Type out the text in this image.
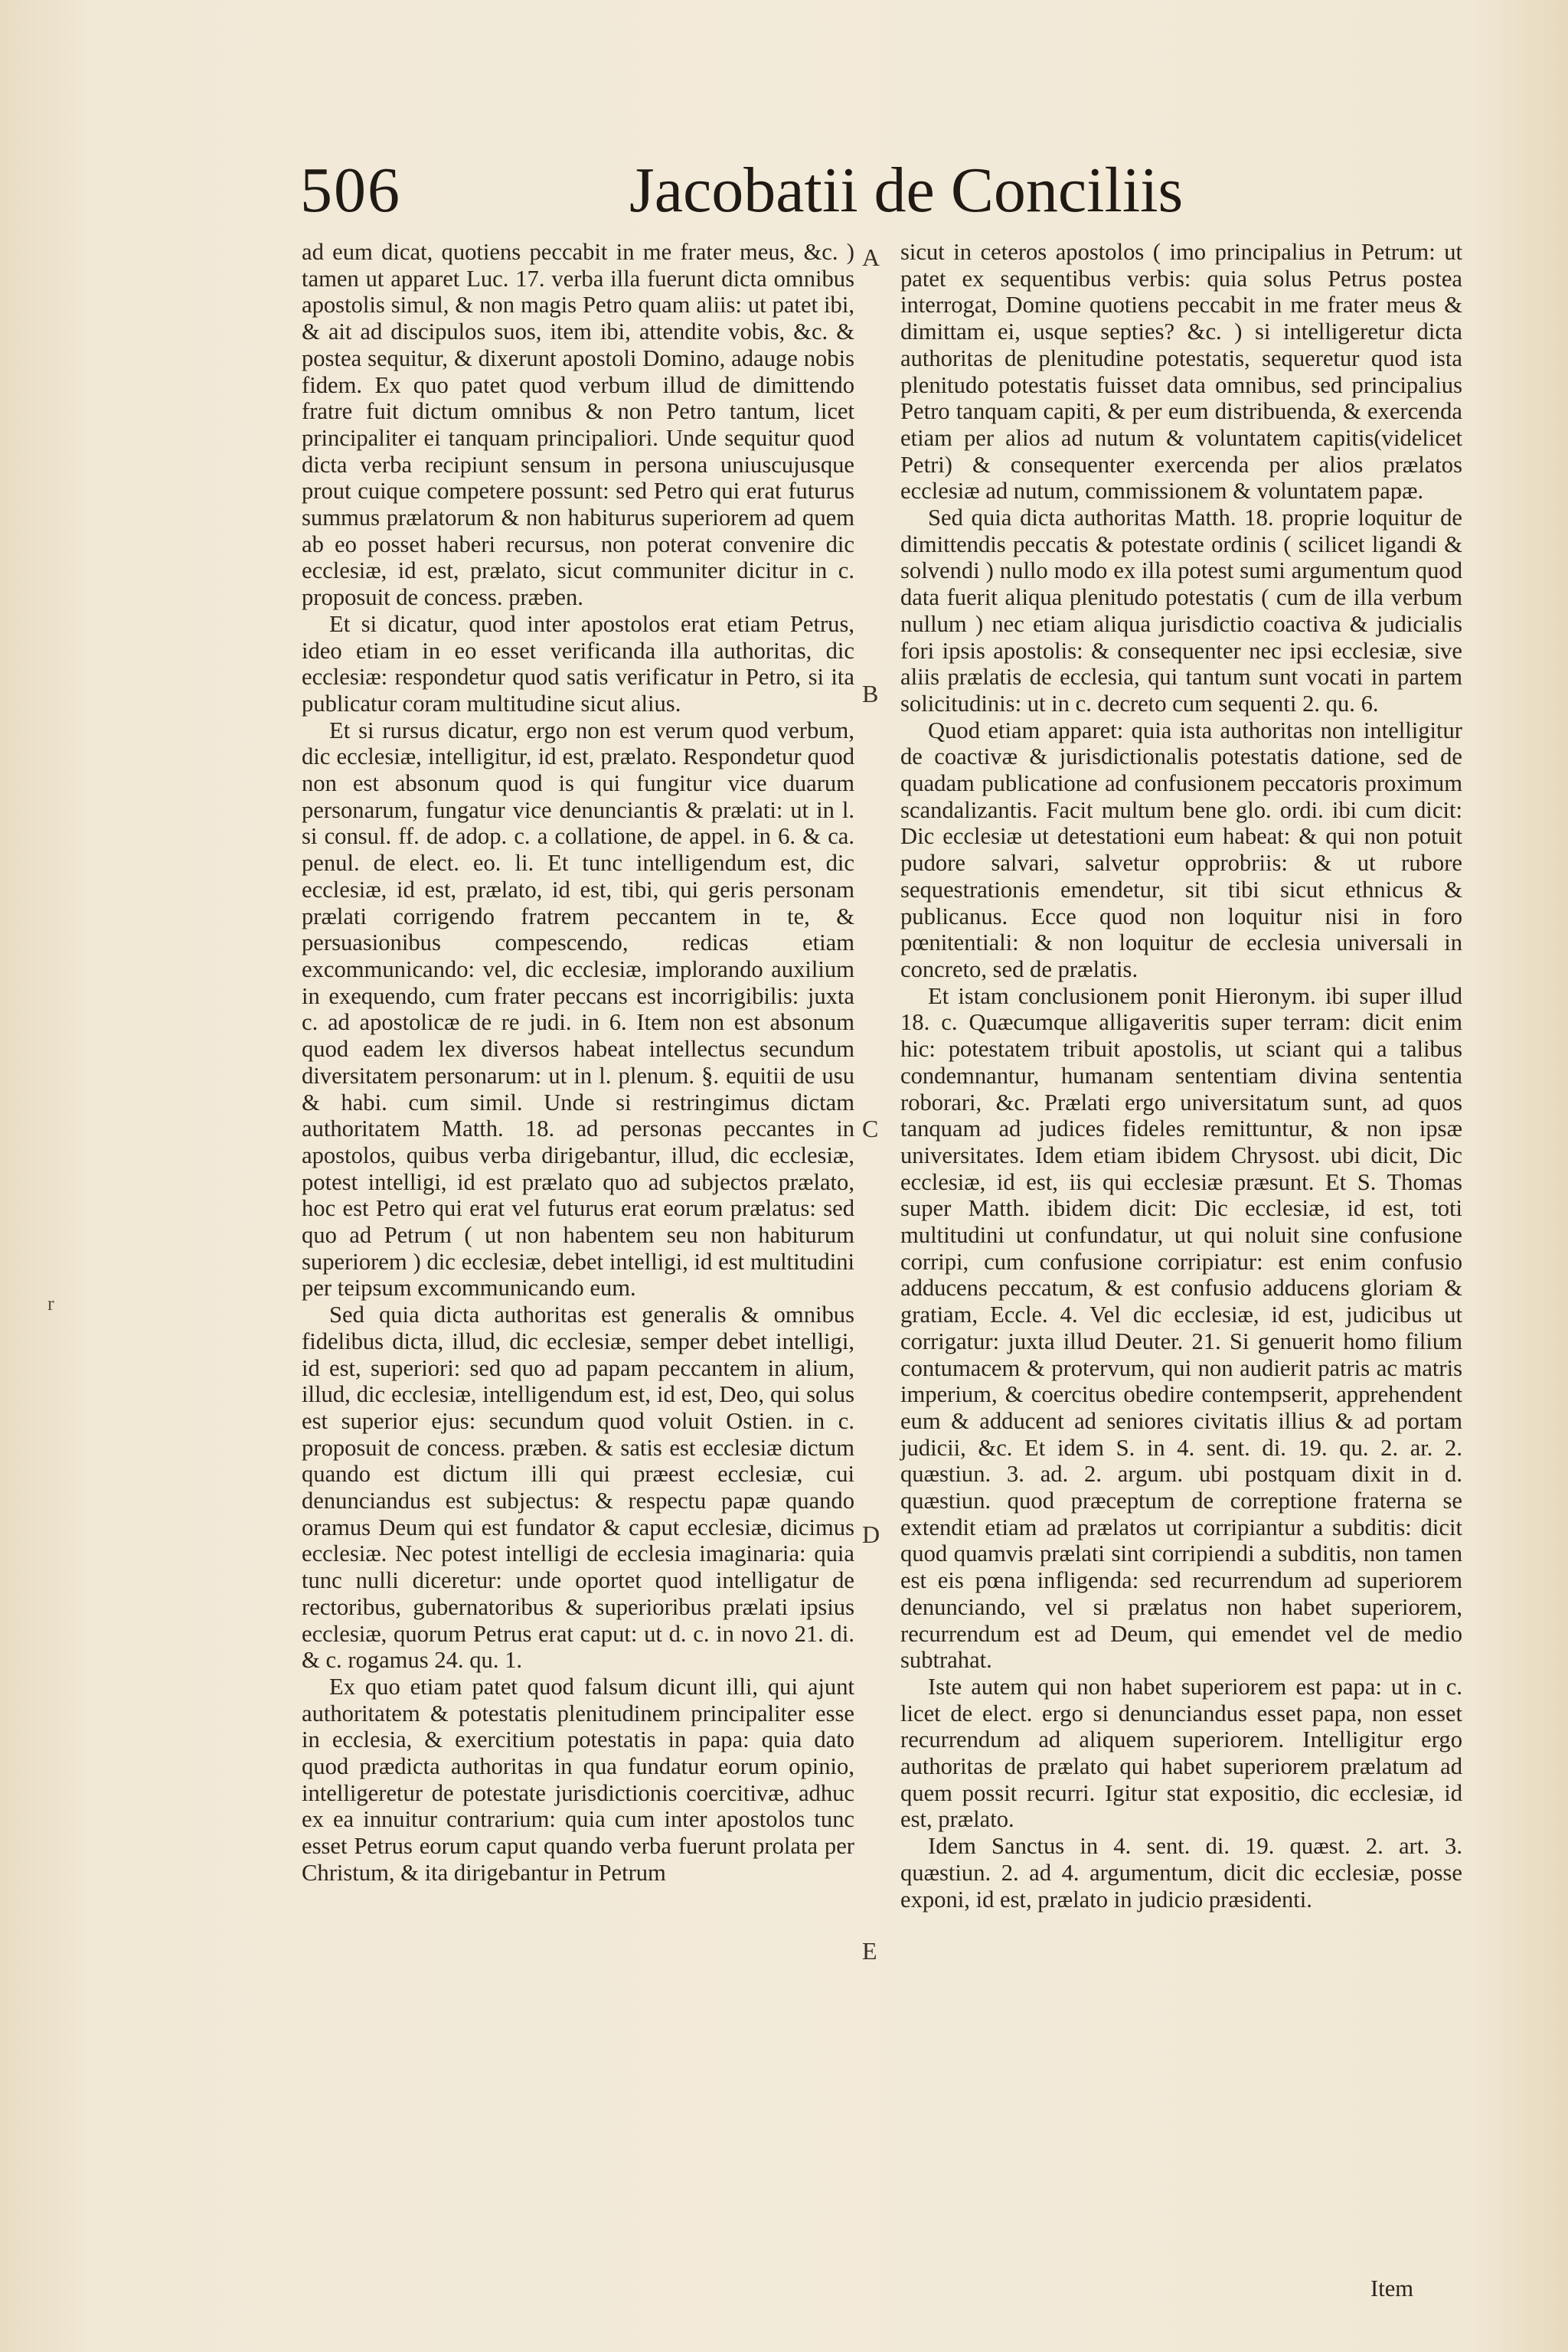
506	Jacobatii de Conciliis

ad eum dicat, quotiens peccabit in me frater meus, &c. ) tamen ut apparet Luc. 17. verba illa fuerunt dicta omnibus apostolis simul, & non magis Petro quam aliis: ut patet ibi, & ait ad discipulos suos, item ibi, attendite vobis, &c. & postea sequitur, & dixerunt apostoli Domino, adauge nobis fidem. Ex quo patet quod verbum illud de dimittendo fratre fuit dictum omnibus & non Petro tantum, licet principaliter ei tanquam principaliori. Unde sequitur quod dicta verba recipiunt sensum in persona uniuscujusque prout cuique competere possunt: sed Petro qui erat futurus summus prælatorum & non habiturus superiorem ad quem ab eo posset haberi recursus, non poterat convenire dic ecclesiæ, id est, prælato, sicut communiter dicitur in c. proposuit de concess. præben.

Et si dicatur, quod inter apostolos erat etiam Petrus, ideo etiam in eo esset verificanda illa authoritas, dic ecclesiæ: respondetur quod satis verificatur in Petro, si ita publicatur coram multitudine sicut alius.

Et si rursus dicatur, ergo non est verum quod verbum, dic ecclesiæ, intelligitur, id est, prælato. Respondetur quod non est absonum quod is qui fungitur vice duarum personarum, fungatur vice denunciantis & prælati: ut in l. si consul. ff. de adop. c. a collatione, de appel. in 6. & ca. penul. de elect. eo. li. Et tunc intelligendum est, dic ecclesiæ, id est, prælato, id est, tibi, qui geris personam prælati corrigendo fratrem peccantem in te, & persuasionibus compescendo, redicas etiam excommunicando: vel, dic ecclesiæ, implorando auxilium in exequendo, cum frater peccans est incorrigibilis: juxta c. ad apostolicæ de re judi. in 6. Item non est absonum quod eadem lex diversos habeat intellectus secundum diversitatem personarum: ut in l. plenum. §. equitii de usu & habi. cum simil. Unde si restringimus dictam authoritatem Matth. 18. ad personas peccantes in apostolos, quibus verba dirigebantur, illud, dic ecclesiæ, potest intelligi, id est prælato quo ad subjectos prælato, hoc est Petro qui erat vel futurus erat eorum prælatus: sed quo ad Petrum ( ut non habentem seu non habiturum superiorem ) dic ecclesiæ, debet intelligi, id est multitudini per teipsum excommunicando eum.

Sed quia dicta authoritas est generalis & omnibus fidelibus dicta, illud, dic ecclesiæ, semper debet intelligi, id est, superiori: sed quo ad papam peccantem in alium, illud, dic ecclesiæ, intelligendum est, id est, Deo, qui solus est superior ejus: secundum quod voluit Ostien. in c. proposuit de concess. præben. & satis est ecclesiæ dictum quando est dictum illi qui præest ecclesiæ, cui denunciandus est subjectus: & respectu papæ quando oramus Deum qui est fundator & caput ecclesiæ, dicimus ecclesiæ. Nec potest intelligi de ecclesia imaginaria: quia tunc nulli diceretur: unde oportet quod intelligatur de rectoribus, gubernatoribus & superioribus prælati ipsius ecclesiæ, quorum Petrus erat caput: ut d. c. in novo 21. di. & c. rogamus 24. qu. 1.

Ex quo etiam patet quod falsum dicunt illi, qui ajunt authoritatem & potestatis plenitudinem principaliter esse in ecclesia, & exercitium potestatis in papa: quia dato quod prædicta authoritas in qua fundatur eorum opinio, intelligeretur de potestate jurisdictionis coercitivæ, adhuc ex ea innuitur contrarium: quia cum inter apostolos tunc esset Petrus eorum caput quando verba fuerunt prolata per Christum, & ita dirigebantur in Petrum

A
B
C
D
E

sicut in ceteros apostolos ( imo principalius in Petrum: ut patet ex sequentibus verbis: quia solus Petrus postea interrogat, Domine quotiens peccabit in me frater meus & dimittam ei, usque septies? &c. ) si intelligeretur dicta authoritas de plenitudine potestatis, sequeretur quod ista plenitudo potestatis fuisset data omnibus, sed principalius Petro tanquam capiti, & per eum distribuenda, & exercenda etiam per alios ad nutum & voluntatem capitis(videlicet Petri) & consequenter exercenda per alios prælatos ecclesiæ ad nutum, commissionem & voluntatem papæ.

Sed quia dicta authoritas Matth. 18. proprie loquitur de dimittendis peccatis & potestate ordinis ( scilicet ligandi & solvendi ) nullo modo ex illa potest sumi argumentum quod data fuerit aliqua plenitudo potestatis ( cum de illa verbum nullum ) nec etiam aliqua jurisdictio coactiva & judicialis fori ipsis apostolis: & consequenter nec ipsi ecclesiæ, sive aliis prælatis de ecclesia, qui tantum sunt vocati in partem solicitudinis: ut in c. decreto cum sequenti 2. qu. 6.

Quod etiam apparet: quia ista authoritas non intelligitur de coactivæ & jurisdictionalis potestatis datione, sed de quadam publicatione ad confusionem peccatoris proximum scandalizantis. Facit multum bene glo. ordi. ibi cum dicit: Dic ecclesiæ ut detestationi eum habeat: & qui non potuit pudore salvari, salvetur opprobriis: & ut rubore sequestrationis emendetur, sit tibi sicut ethnicus & publicanus. Ecce quod non loquitur nisi in foro pœnitentiali: & non loquitur de ecclesia universali in concreto, sed de prælatis.

Et istam conclusionem ponit Hieronym. ibi super illud 18. c. Quæcumque alligaveritis super terram: dicit enim hic: potestatem tribuit apostolis, ut sciant qui a talibus condemnantur, humanam sententiam divina sententia roborari, &c. Prælati ergo universitatum sunt, ad quos tanquam ad judices fideles remittuntur, & non ipsæ universitates. Idem etiam ibidem Chrysost. ubi dicit, Dic ecclesiæ, id est, iis qui ecclesiæ præsunt. Et S. Thomas super Matth. ibidem dicit: Dic ecclesiæ, id est, toti multitudini ut confundatur, ut qui noluit sine confusione corripi, cum confusione corripiatur: est enim confusio adducens peccatum, & est confusio adducens gloriam & gratiam, Eccle. 4. Vel dic ecclesiæ, id est, judicibus ut corrigatur: juxta illud Deuter. 21. Si genuerit homo filium contumacem & protervum, qui non audierit patris ac matris imperium, & coercitus obedire contempserit, apprehendent eum & adducent ad seniores civitatis illius & ad portam judicii, &c. Et idem S. in 4. sent. di. 19. qu. 2. ar. 2. quæstiun. 3. ad. 2. argum. ubi postquam dixit in d. quæstiun. quod præceptum de correptione fraterna se extendit etiam ad prælatos ut corripiantur a subditis: dicit quod quamvis prælati sint corripiendi a subditis, non tamen est eis pœna infligenda: sed recurrendum ad superiorem denunciando, vel si prælatus non habet superiorem, recurrendum est ad Deum, qui emendet vel de medio subtrahat.

Iste autem qui non habet superiorem est papa: ut in c. licet de elect. ergo si denunciandus esset papa, non esset recurrendum ad aliquem superiorem. Intelligitur ergo authoritas de prælato qui habet superiorem prælatum ad quem possit recurri. Igitur stat expositio, dic ecclesiæ, id est, prælato.

Idem Sanctus in 4. sent. di. 19. quæst. 2. art. 3. quæstiun. 2. ad 4. argumentum, dicit dic ecclesiæ, posse exponi, id est, prælato in judicio præsidenti.

Item
r
